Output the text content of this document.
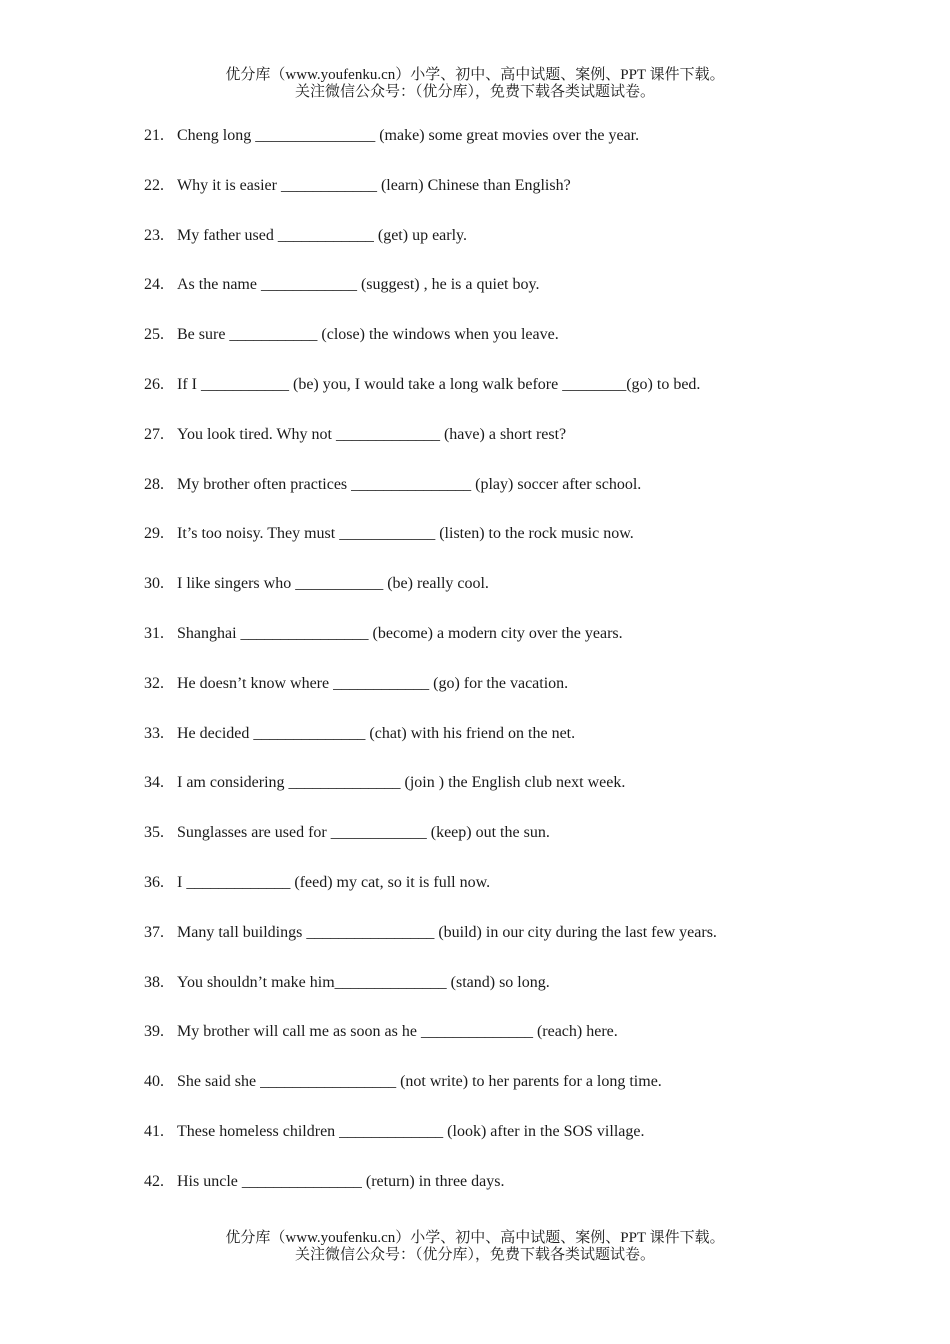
优分库（www.youfenku.cn）小学、初中、高中试题、案例、PPT 课件下载。
关注微信公众号：（优分库），免费下载各类试题试卷。
21. Cheng long _______________ (make) some great movies over the year.
22. Why it is easier ____________ (learn) Chinese than English?
23. My father used ____________ (get) up early.
24. As the name ____________ (suggest) , he is a quiet boy.
25. Be sure ___________ (close) the windows when you leave.
26. If I ___________ (be) you, I would take a long walk before ________(go) to bed.
27. You look tired. Why not _____________ (have) a short rest?
28. My brother often practices _______________ (play) soccer after school.
29. It’s too noisy. They must ____________ (listen) to the rock music now.
30. I like singers who ___________ (be) really cool.
31. Shanghai ________________ (become) a modern city over the years.
32. He doesn’t know where ____________ (go) for the vacation.
33. He decided ______________ (chat) with his friend on the net.
34. I am considering ______________ (join ) the English club next week.
35. Sunglasses are used for ____________ (keep) out the sun.
36. I _____________ (feed) my cat, so it is full now.
37. Many tall buildings ________________ (build) in our city during the last few years.
38. You shouldn’t make him______________ (stand) so long.
39. My brother will call me as soon as he ______________ (reach) here.
40. She said she _________________ (not write) to her parents for a long time.
41. These homeless children _____________ (look) after in the SOS village.
42. His uncle _______________ (return) in three days.
优分库（www.youfenku.cn）小学、初中、高中试题、案例、PPT 课件下载。
关注微信公众号：（优分库），免费下载各类试题试卷。
